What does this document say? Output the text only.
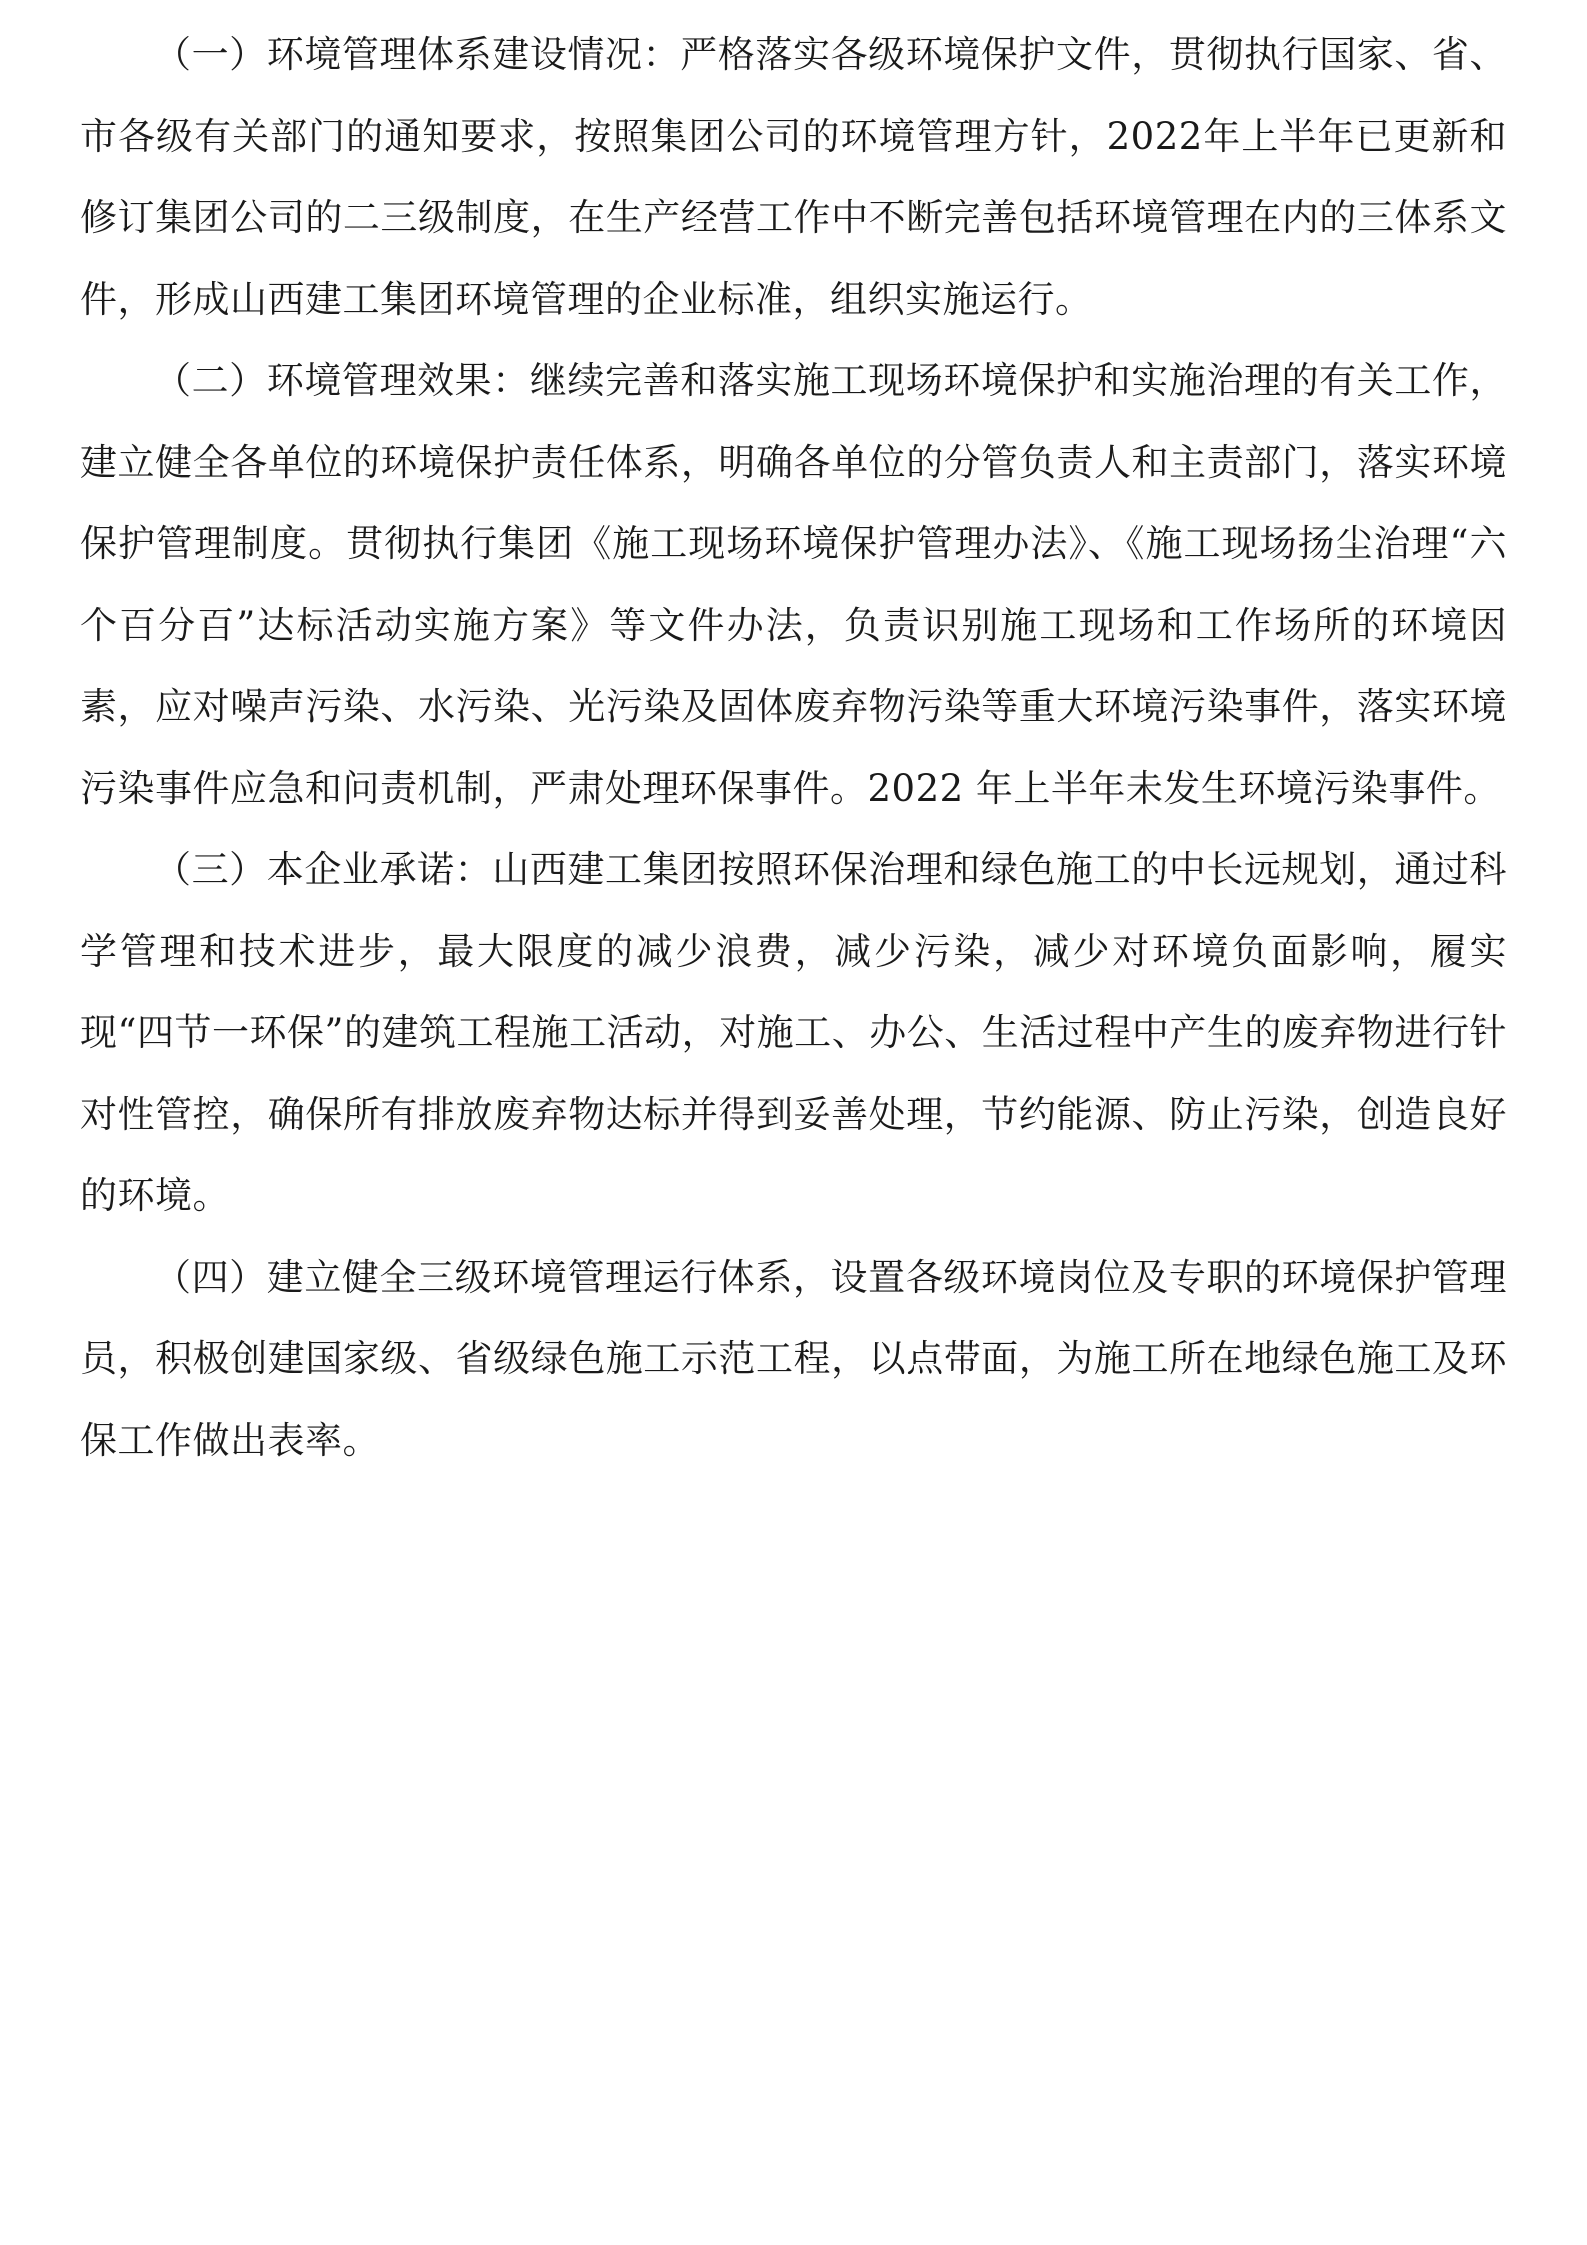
（一）环境管理体系建设情况：严格落实各级环境保护文件，贯彻执行国家、省、市各级有关部门的通知要求，按照集团公司的环境管理方针，2022年上半年已更新和修订集团公司的二三级制度，在生产经营工作中不断完善包括环境管理在内的三体系文件，形成山西建工集团环境管理的企业标准，组织实施运行。

（二）环境管理效果：继续完善和落实施工现场环境保护和实施治理的有关工作，建立健全各单位的环境保护责任体系，明确各单位的分管负责人和主责部门，落实环境保护管理制度。贯彻执行集团《施工现场环境保护管理办法》、《施工现场扬尘治理“六个百分百”达标活动实施方案》等文件办法，负责识别施工现场和工作场所的环境因素，应对噪声污染、水污染、光污染及固体废弃物污染等重大环境污染事件，落实环境污染事件应急和问责机制，严肃处理环保事件。2022 年上半年未发生环境污染事件。

（三）本企业承诺：山西建工集团按照环保治理和绿色施工的中长远规划，通过科学管理和技术进步，最大限度的减少浪费，减少污染，减少对环境负面影响，履实现“四节一环保”的建筑工程施工活动，对施工、办公、生活过程中产生的废弃物进行针对性管控，确保所有排放废弃物达标并得到妥善处理，节约能源、防止污染，创造良好的环境。

（四）建立健全三级环境管理运行体系，设置各级环境岗位及专职的环境保护管理员，积极创建国家级、省级绿色施工示范工程，以点带面，为施工所在地绿色施工及环保工作做出表率。
